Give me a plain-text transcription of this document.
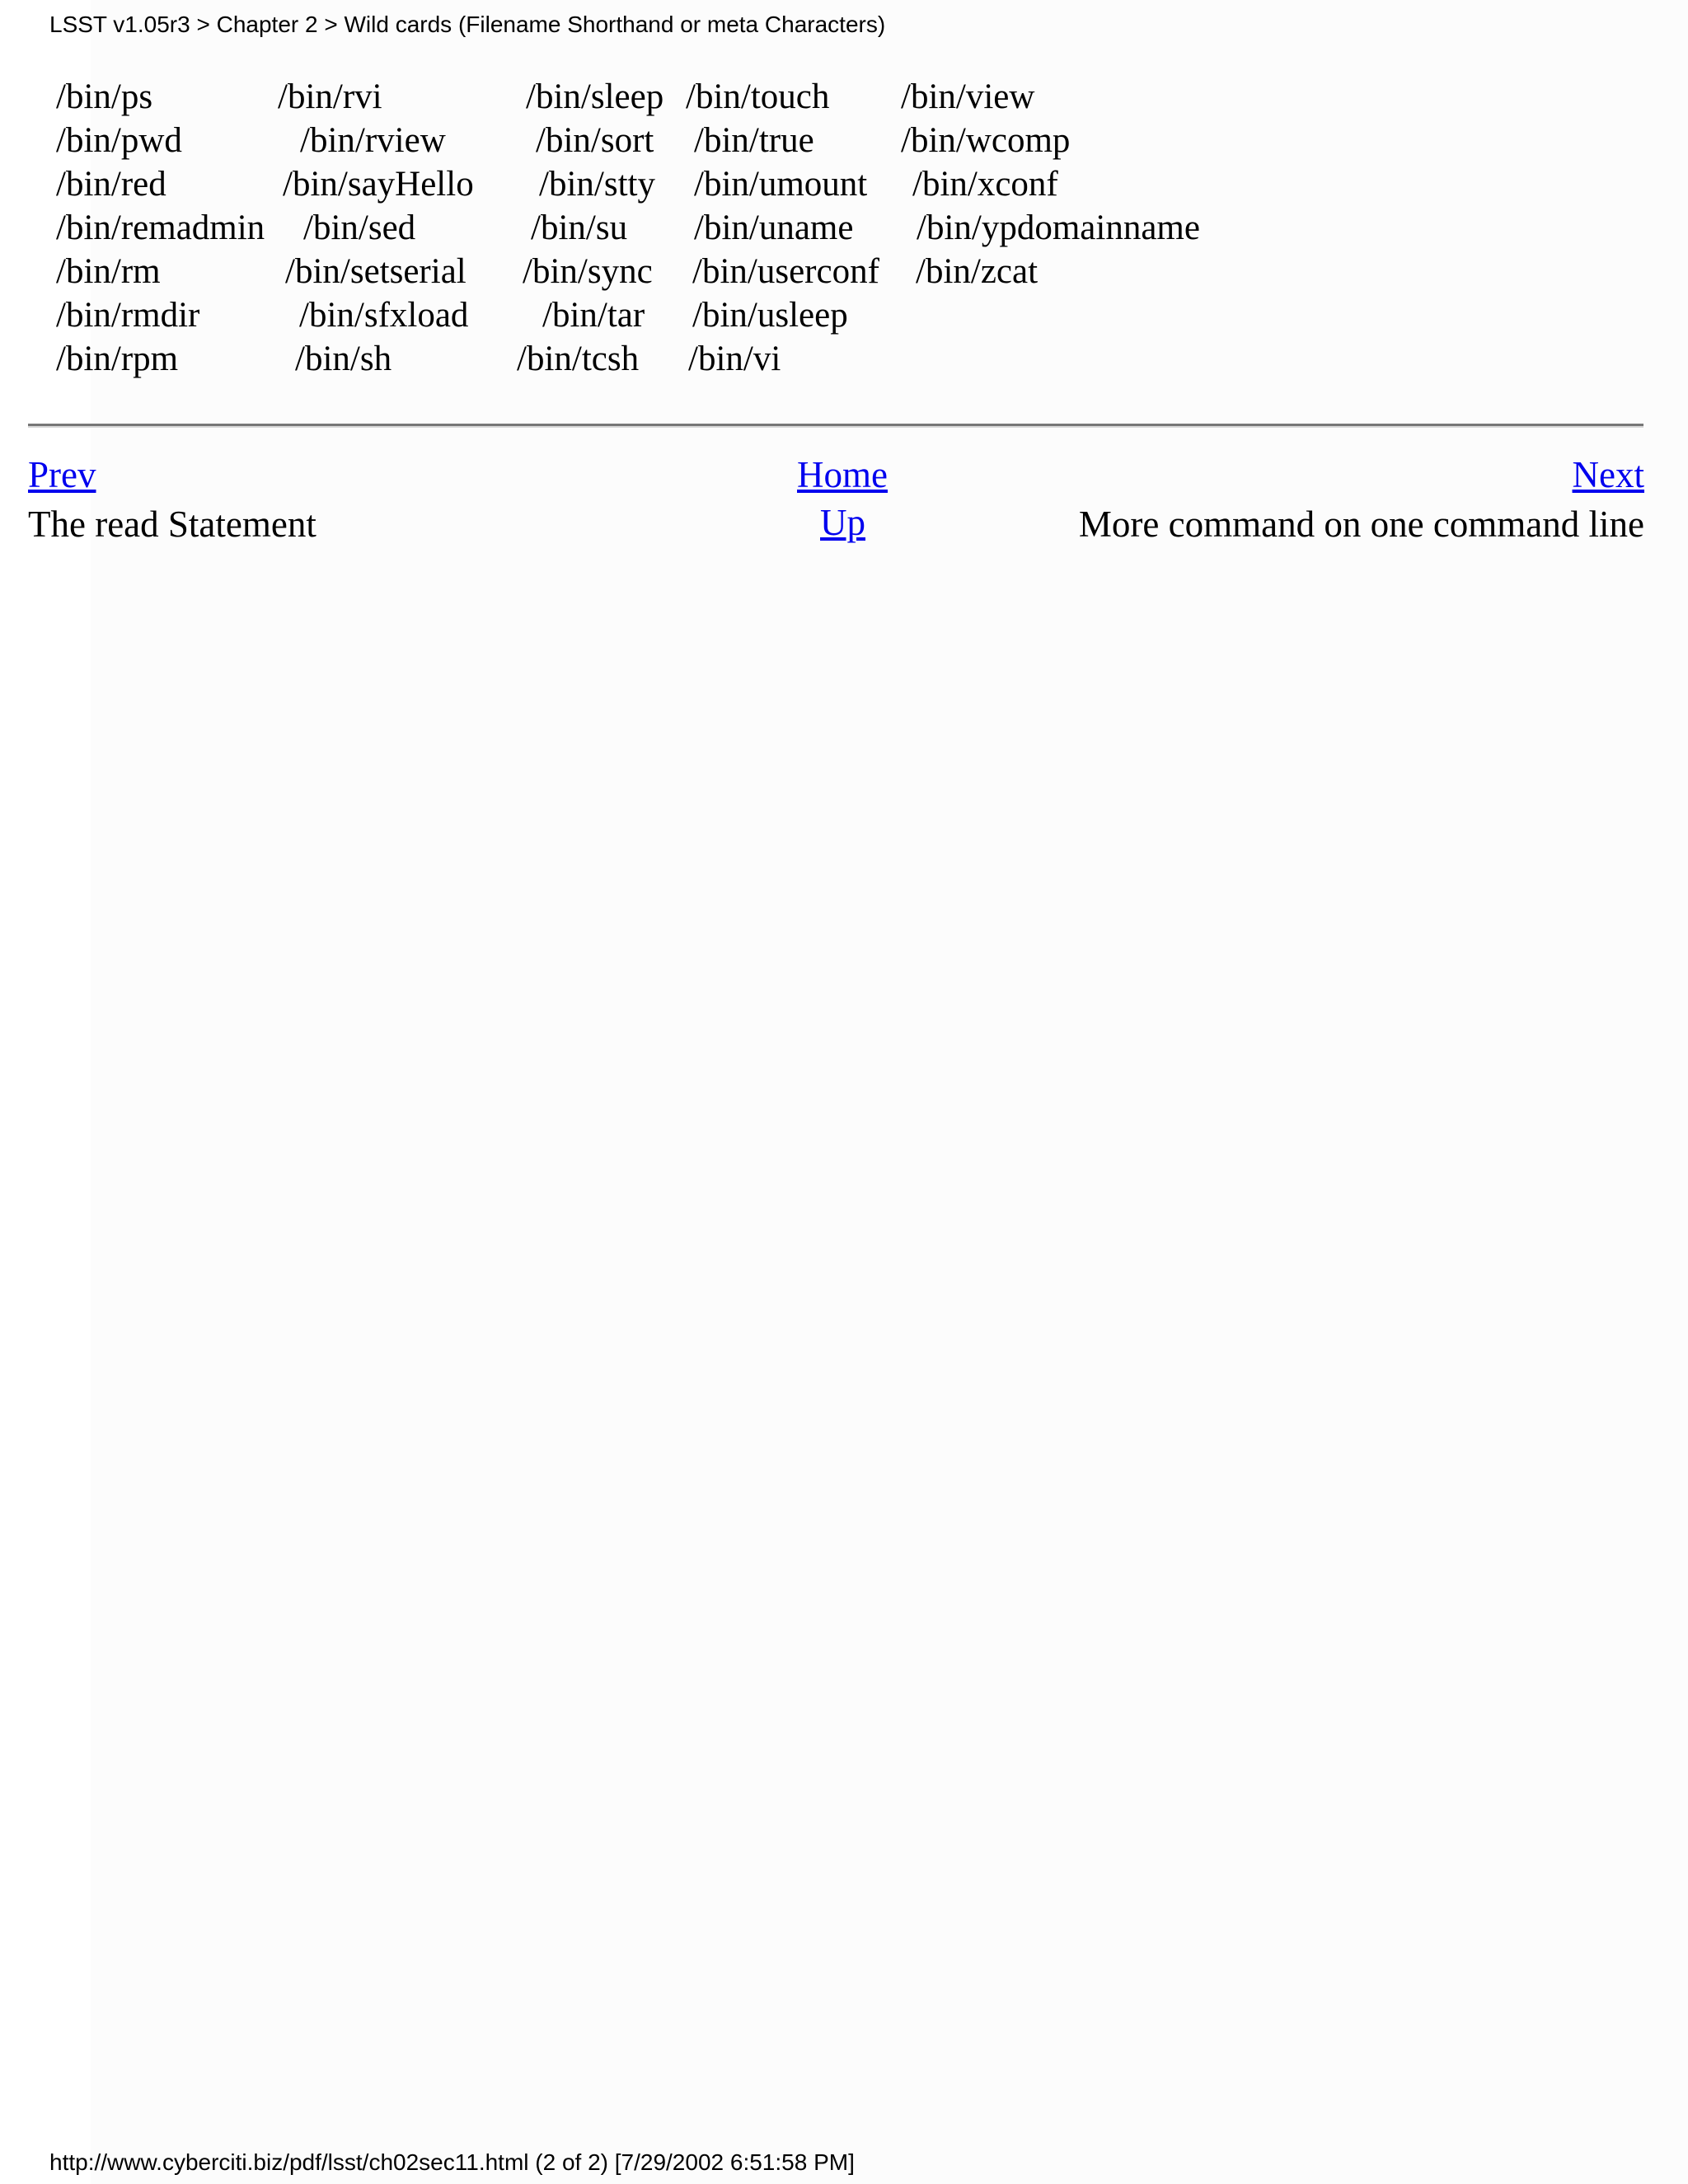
LSST v1.05r3 > Chapter 2 > Wild cards (Filename Shorthand or meta Characters)
/bin/ps	/bin/rvi	/bin/sleep /bin/touch /bin/view
/bin/pwd	/bin/rview	/bin/sort /bin/true /bin/wcomp
/bin/red	/bin/sayHello /bin/stty /bin/umount /bin/xconf
/bin/remadmin /bin/sed	/bin/su /bin/uname /bin/ypdomainname
/bin/rm	/bin/setserial /bin/sync /bin/userconf /bin/zcat
/bin/rmdir	/bin/sfxload /bin/tar /bin/usleep
/bin/rpm	/bin/sh	/bin/tcsh /bin/vi
Prev	Home	Next
The read Statement	Up	More command on one command line
http://www.cyberciti.biz/pdf/lsst/ch02sec11.html (2 of 2) [7/29/2002 6:51:58 PM]
